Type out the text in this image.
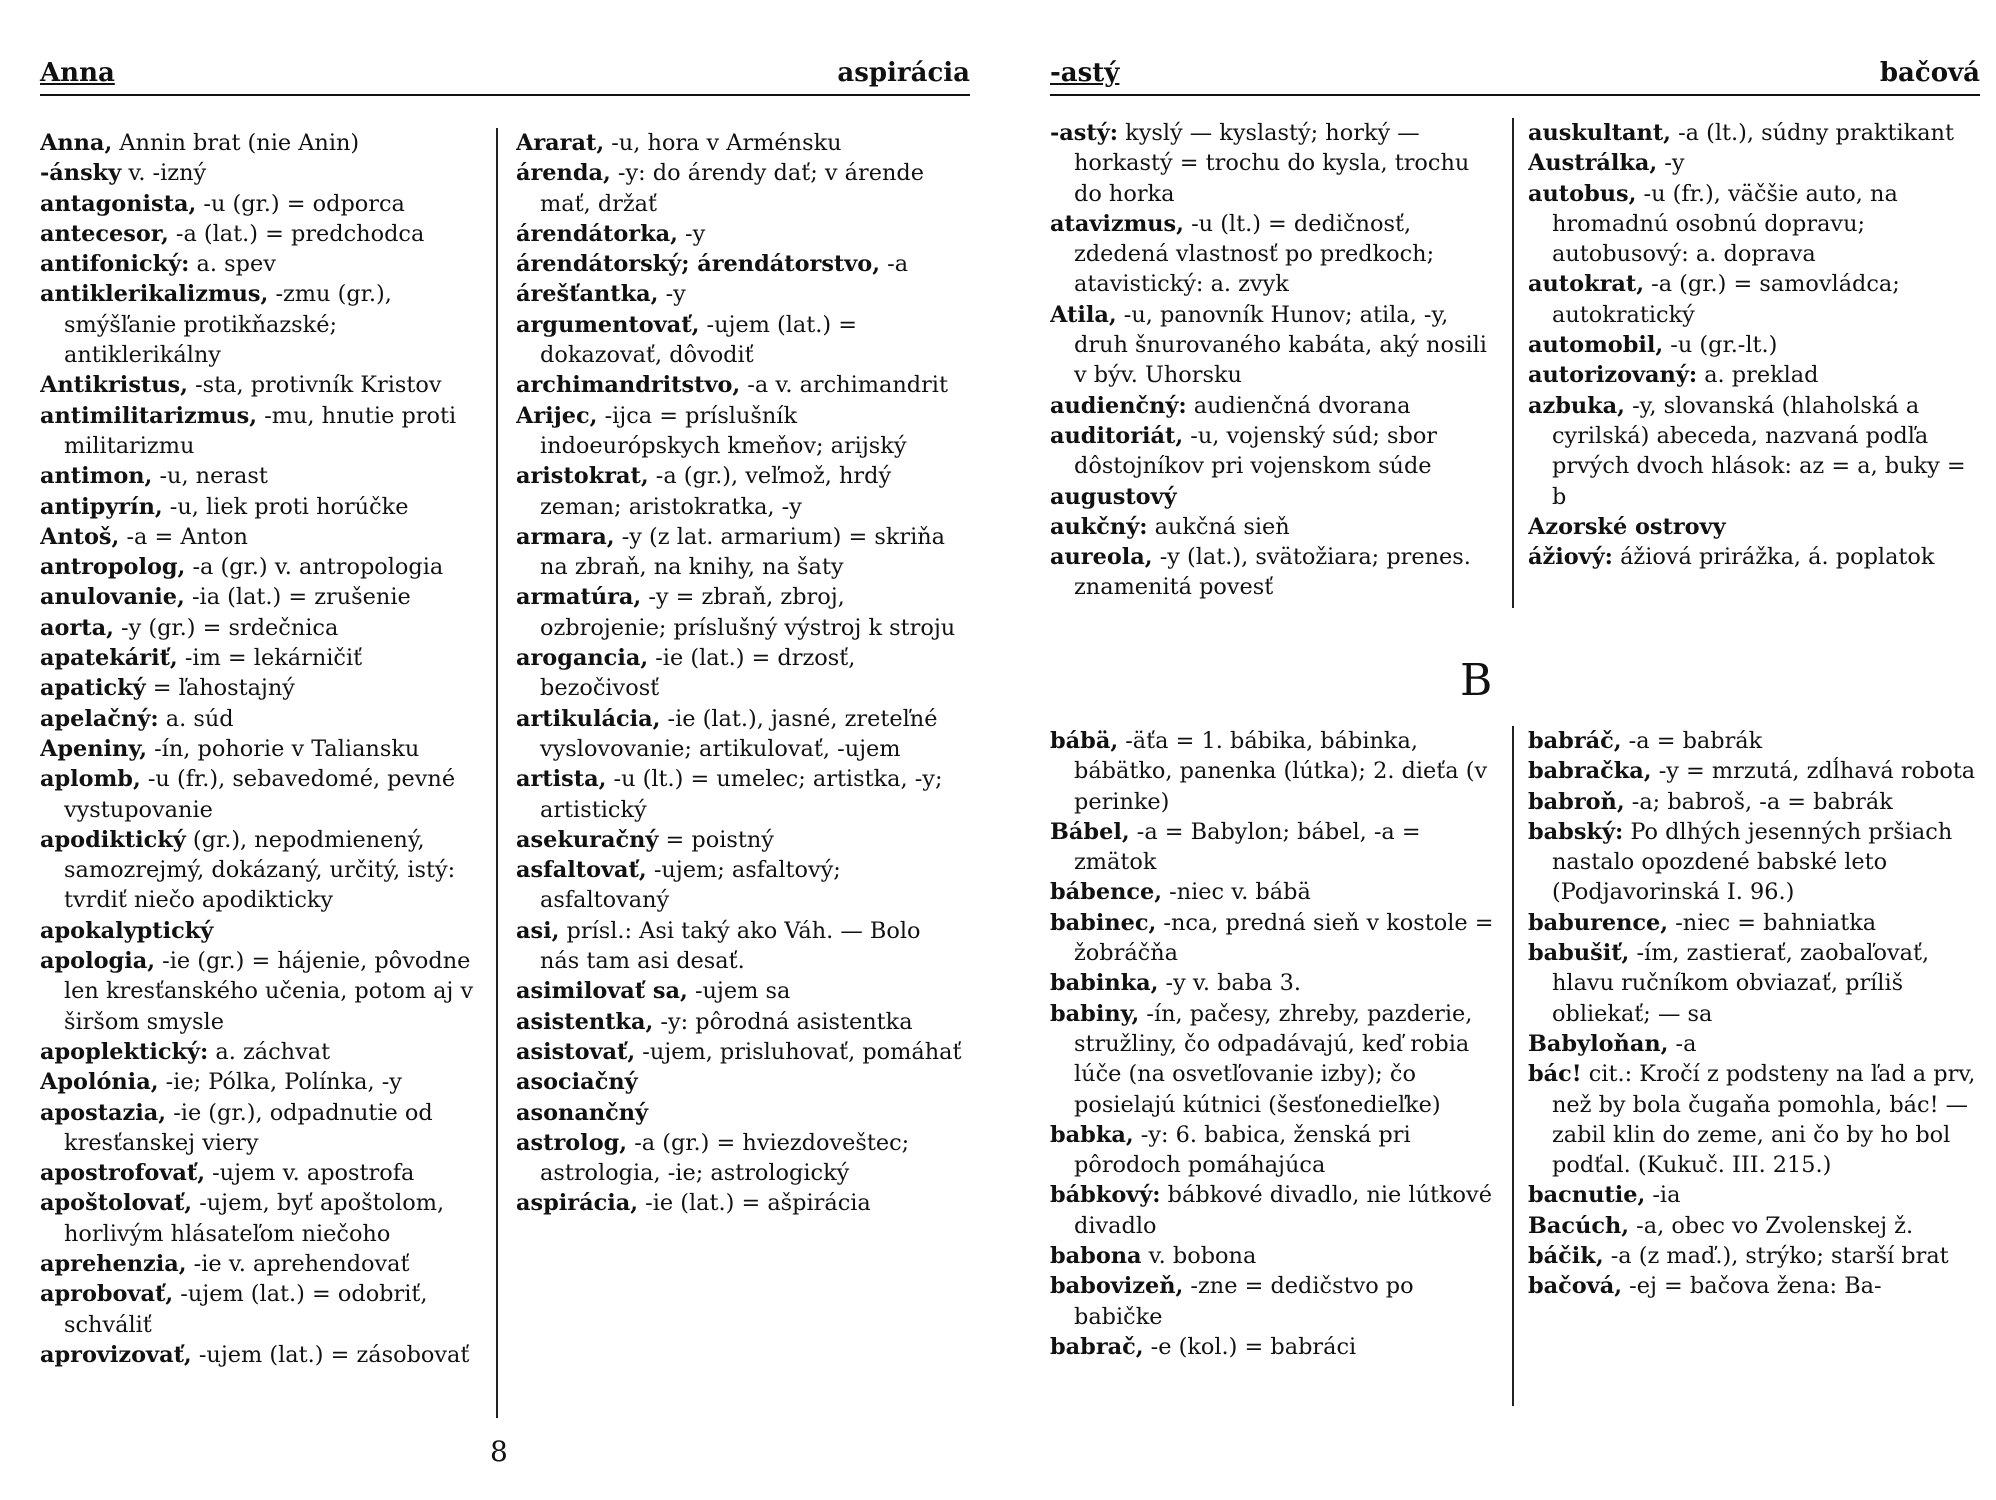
Anna	aspirácia
Anna, Annin brat (nie Anin)
-ánsky v. -izný
antagonista, -u (gr.) = odporca
antecesor, -a (lat.) = predchodca
antifonický: a. spev
antiklerikalizmus, -zmu (gr.), smýšľanie protikňazské; antiklerikálny
Antikristus, -sta, protivník Kristov
antimilitarizmus, -mu, hnutie proti militarizmu
antimon, -u, nerast
antipyrín, -u, liek proti horúčke
Antoš, -a = Anton
antropolog, -a (gr.) v. antropologia
anulovanie, -ia (lat.) = zrušenie
aorta, -y (gr.) = srdečnica
apatekáriť, -im = lekárničiť
apatický = ľahostajný
apelačný: a. súd
Apeniny, -ín, pohorie v Taliansku
aplomb, -u (fr.), sebavedomé, pevné vystupovanie
apodiktický (gr.), nepodmienený, samozrejmý, dokázaný, určitý, istý: tvrdiť niečo apodikticky
apokalyptický
apologia, -ie (gr.) = hájenie, pôvodne len kresťanského učenia, potom aj v širšom smysle
apoplektický: a. záchvat
Apolónia, -ie; Pólka, Polínka, -y
apostazia, -ie (gr.), odpadnutie od kresťanskej viery
apostrofovať, -ujem v. apostrofa
apoštolovať, -ujem, byť apoštolom, horlivým hlásateľom niečoho
aprehenzia, -ie v. aprehendovať
aprobovať, -ujem (lat.) = odobriť, schváliť
aprovizovať, -ujem (lat.) = zásobovať
Ararat, -u, hora v Arménsku
árenda, -y: do árendy dať; v árende mať, držať
árendátorka, -y
árendátorský; árendátorstvo, -a
árešťantka, -y
argumentovať, -ujem (lat.) = dokazovať, dôvodiť
archimandritstvo, -a v. archimandrit
Arijec, -ijca = príslušník indoeurópskych kmeňov; arijský
aristokrat, -a (gr.), veľmož, hrdý zeman; aristokratka, -y
armara, -y (z lat. armarium) = skriňa na zbraň, na knihy, na šaty
armatúra, -y = zbraň, zbroj, ozbrojenie; príslušný výstroj k stroju
arogancia, -ie (lat.) = drzosť, bezočivosť
artikulácia, -ie (lat.), jasné, zreteľné vyslovovanie; artikulovať, -ujem
artista, -u (lt.) = umelec; artistka, -y; artistický
asekuračný = poistný
asfaltovať, -ujem; asfaltový; asfaltovaný
asi, prísl.: Asi taký ako Váh. — Bolo nás tam asi desať.
asimilovať sa, -ujem sa
asistentka, -y: pôrodná asistentka
asistovať, -ujem, prisluhovať, pomáhať
asociačný
asonančný
astrolog, -a (gr.) = hviezdoveštec; astrologia, -ie; astrologický
aspirácia, -ie (lat.) = ašpirácia
8
-astý	bačová
-astý: kyslý — kyslastý; horký — horkastý = trochu do kysla, trochu do horka
atavizmus, -u (lt.) = dedičnosť, zdedená vlastnosť po predkoch; atavistický: a. zvyk
Atila, -u, panovník Hunov; atila, -y, druh šnurovaného kabáta, aký nosili v býv. Uhorsku
audienčný: audienčná dvorana
auditoriát, -u, vojenský súd; sbor dôstojníkov pri vojenskom súde
augustový
aukčný: aukčná sieň
aureola, -y (lat.), svätožiara; prenes. znamenitá povesť
auskultant, -a (lt.), súdny praktikant
Austrálka, -y
autobus, -u (fr.), väčšie auto, na hromadnú osobnú dopravu; autobusový: a. doprava
autokrat, -a (gr.) = samovládca; autokratický
automobil, -u (gr.-lt.)
autorizovaný: a. preklad
azbuka, -y, slovanská (hlaholská a cyrilská) abeceda, nazvaná podľa prvých dvoch hlások: az = a, buky = b
Azorské ostrovy
ážiový: ážiová prirážka, á. poplatok
B
bábä, -äťa = 1. bábika, bábinka, bábätko, panenka (lútka); 2. dieťa (v perinke)
Bábel, -a = Babylon; bábel, -a = zmätok
bábence, -niec v. bábä
babinec, -nca, predná sieň v kostole = žobráčňa
babinka, -y v. baba 3.
babiny, -ín, pačesy, zhreby, pazderie, stružliny, čo odpadávajú, keď robia lúče (na osvetľovanie izby); čo posielajú kútnici (šesťonedieľke)
babka, -y: 6. babica, ženská pri pôrodoch pomáhajúca
bábkový: bábkové divadlo, nie lútkové divadlo
babona v. bobona
babovizeň, -zne = dedičstvo po babičke
babrač, -e (kol.) = babráci
babráč, -a = babrák
babračka, -y = mrzutá, zdĺhavá robota
babroň, -a; babroš, -a = babrák
babský: Po dlhých jesenných pršiach nastalo opozdené babské leto (Podjavorinská I. 96.)
baburence, -niec = bahniatka
babušiť, -ím, zastierať, zaobaľovať, hlavu ručníkom obviazať, príliš obliekať; — sa
Babyloňan, -a
bác! cit.: Kročí z podsteny na ľad a prv, než by bola čugaňa pomohla, bác! — zabil klin do zeme, ani čo by ho bol podťal. (Kukuč. III. 215.)
bacnutie, -ia
Bacúch, -a, obec vo Zvolenskej ž.
báčik, -a (z maď.), strýko; starší brat
bačová, -ej = bačova žena: Ba-
